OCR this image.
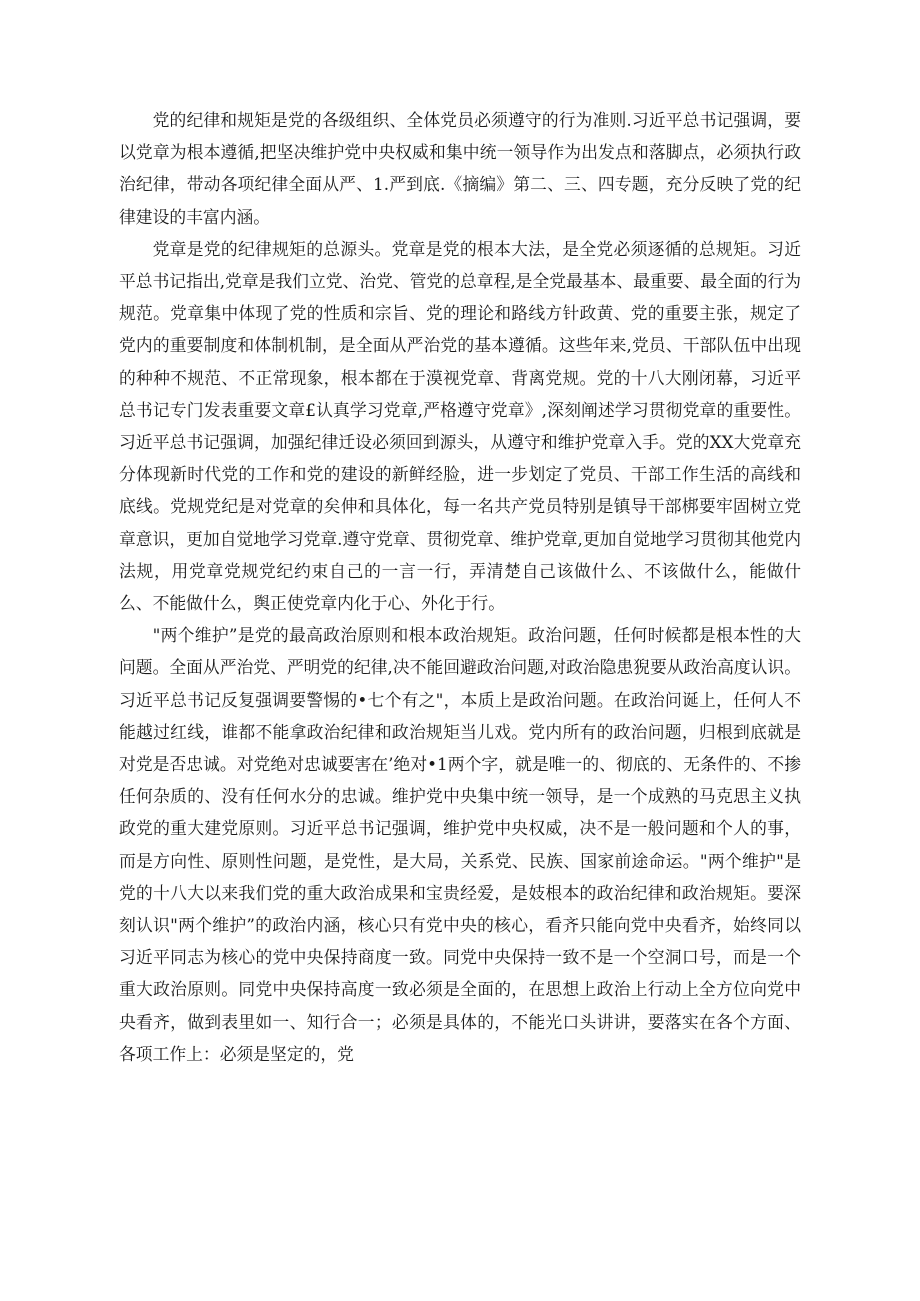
党的纪律和规矩是党的各级组织、全体党员必须遵守的行为准则.习近平总书记强调，要以党章为根本遵循,把坚决维护党中央权威和集中统一领导作为出发点和落脚点，必须执行政治纪律，带动各项纪律全面从严、1.严到底.《摘编》第二、三、四专题，充分反映了党的纪律建设的丰富内涵。

党章是党的纪律规矩的总源头。党章是党的根本大法，是全党必须逐循的总规矩。习近平总书记指出,党章是我们立党、治党、管党的总章程,是全党最基本、最重要、最全面的行为规范。党章集中体现了党的性质和宗旨、党的理论和路线方针政黄、党的重要主张，规定了党内的重要制度和体制机制，是全面从严治党的基本遵循。这些年来,党员、干部队伍中出现的种种不规范、不正常现象，根本都在于漠视党章、背离党规。党的十八大刚闭幕，习近平总书记专门发表重要文章£认真学习党章,严格遵守党章》,深刻阐述学习贯彻党章的重要性。习近平总书记强调，加强纪律迁设必须回到源头，从遵守和维护党章入手。党的XX大党章充分体现新时代党的工作和党的建设的新鲜经脸，进一步划定了党员、干部工作生活的高线和底线。党规党纪是对党章的矣伸和具体化，每一名共产党员特别是镇导干部梆要牢固树立党章意识，更加自觉地学习党章.遵守党章、贯彻党章、维护党章,更加自觉地学习贯彻其他党内法规，用党章党规党纪约束自己的一言一行，弄清楚自己该做什么、不该做什么，能做什么、不能做什么，舆正使党章内化于心、外化于行。

"两个维护”是党的最高政治原则和根本政治规矩。政治问题，任何时候都是根本性的大问题。全面从严治党、严明党的纪律,决不能回避政治问题,对政治隐患猊要从政治高度认识。习近平总书记反复强调要警惕的•七个有之"，本质上是政治问题。在政治问诞上，任何人不能越过红线，谁都不能拿政治纪律和政治规矩当儿戏。党内所有的政治问题，归根到底就是对党是否忠诚。对党绝对忠诚要害在’绝对•1两个字，就是唯一的、彻底的、无条件的、不掺任何杂质的、没有任何水分的忠诚。维护党中央集中统一领导，是一个成熟的马克思主义执政党的重大建党原则。习近平总书记强调，维护党中央权威，决不是一般问题和个人的事，而是方向性、原则性问题，是党性，是大局，关系党、民族、国家前途命运。"两个维护"是党的十八大以来我们党的重大政治成果和宝贵经爱，是妓根本的政治纪律和政治规矩。要深刻认识"两个维护”的政治内涵，核心只有党中央的核心，看齐只能向党中央看齐，始终同以习近平同志为核心的党中央保持商度一致。同党中央保持一致不是一个空洞口号，而是一个重大政治原则。同党中央保持高度一致必须是全面的，在思想上政治上行动上全方位向党中央看齐，做到表里如一、知行合一；必须是具体的，不能光口头讲讲，要落实在各个方面、各项工作上：必须是坚定的，党
